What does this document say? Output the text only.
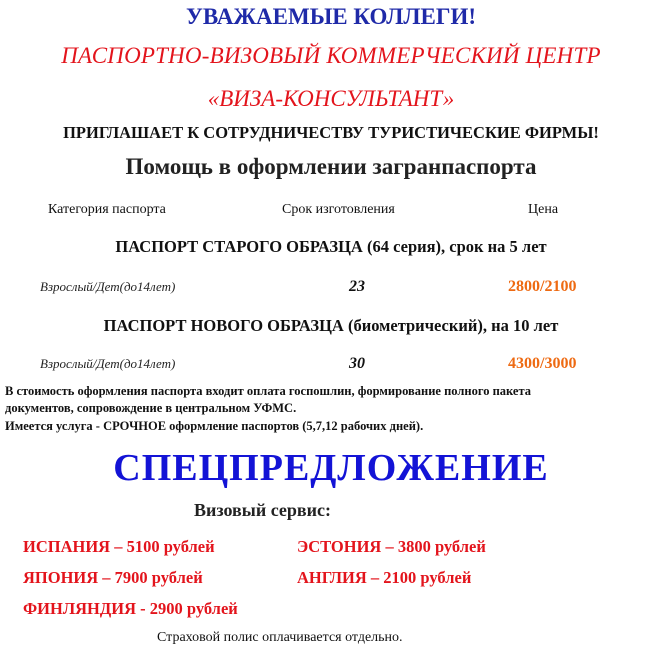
УВАЖАЕМЫЕ КОЛЛЕГИ!
ПАСПОРТНО-ВИЗОВЫЙ КОММЕРЧЕСКИЙ ЦЕНТР
«ВИЗА-КОНСУЛЬТАНТ»
ПРИГЛАШАЕТ К СОТРУДНИЧЕСТВУ ТУРИСТИЧЕСКИЕ ФИРМЫ!
Помощь в оформлении загранпаспорта
Категория паспорта	Срок изготовления	Цена
ПАСПОРТ СТАРОГО ОБРАЗЦА (64 серия), срок на 5 лет
Взрослый/Дет(до14лет)	23	2800/2100
ПАСПОРТ НОВОГО ОБРАЗЦА (биометрический), на 10 лет
Взрослый/Дет(до14лет)	30	4300/3000
В стоимость оформления паспорта входит оплата госпошлин, формирование полного пакета
документов, сопровождение в центральном УФМС.
Имеется услуга - СРОЧНОЕ оформление паспортов (5,7,12 рабочих дней).
СПЕЦПРЕДЛОЖЕНИЕ
Визовый сервис:
ИСПАНИЯ – 5100 рублей	ЭСТОНИЯ – 3800 рублей
ЯПОНИЯ – 7900 рублей	АНГЛИЯ – 2100 рублей
ФИНЛЯНДИЯ - 2900 рублей
Страховой полис оплачивается отдельно.
